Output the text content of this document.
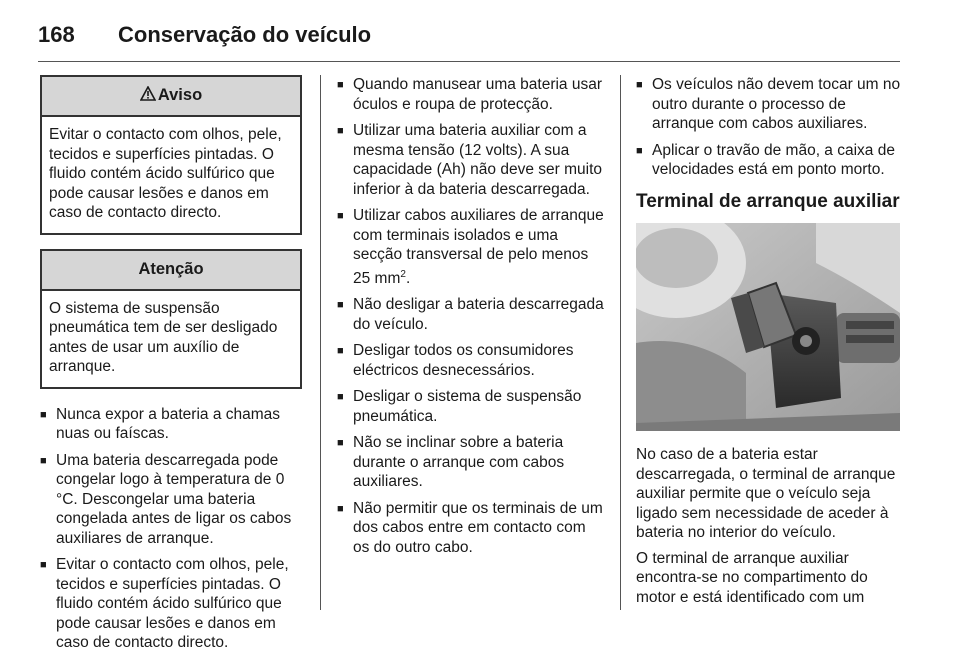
168	Conservação do veículo
Aviso
Evitar o contacto com olhos, pele, tecidos e superfícies pintadas. O fluido contém ácido sulfúrico que pode causar lesões e danos em caso de contacto directo.
Atenção
O sistema de suspensão pneumática tem de ser desligado antes de usar um auxílio de arranque.
■ Nunca expor a bateria a chamas nuas ou faíscas.
■ Uma bateria descarregada pode congelar logo à temperatura de 0 °C. Descongelar uma bateria congelada antes de ligar os cabos auxiliares de arranque.
■ Evitar o contacto com olhos, pele, tecidos e superfícies pintadas. O fluido contém ácido sulfúrico que pode causar lesões e danos em caso de contacto directo.
■ Quando manusear uma bateria usar óculos e roupa de protecção.
■ Utilizar uma bateria auxiliar com a mesma tensão (12 volts). A sua capacidade (Ah) não deve ser muito inferior à da bateria descarregada.
■ Utilizar cabos auxiliares de arranque com terminais isolados e uma secção transversal de pelo menos 25 $mm^2$.
■ Não desligar a bateria descarregada do veículo.
■ Desligar todos os consumidores eléctricos desnecessários.
■ Desligar o sistema de suspensão pneumática.
■ Não se inclinar sobre a bateria durante o arranque com cabos auxiliares.
■ Não permitir que os terminais de um dos cabos entre em contacto com os do outro cabo.
■ Os veículos não devem tocar um no outro durante o processo de arranque com cabos auxiliares.
■ Aplicar o travão de mão, a caixa de velocidades está em ponto morto.
Terminal de arranque auxiliar

No caso de a bateria estar descarregada, o terminal de arranque auxiliar permite que o veículo seja ligado sem necessidade de aceder à bateria no interior do veículo.

O terminal de arranque auxiliar encontra-se no compartimento do motor e está identificado com um
